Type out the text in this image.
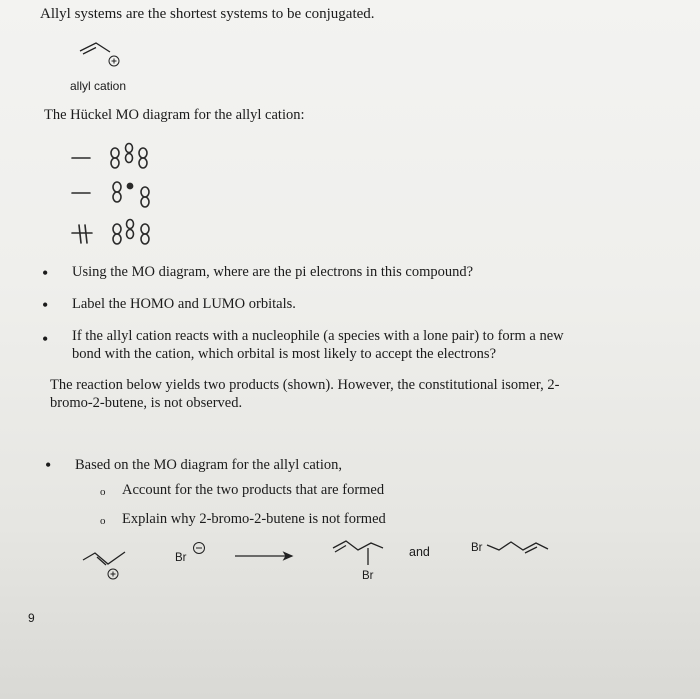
Allyl systems are the shortest systems to be conjugated.
allyl cation
The Hückel MO diagram for the allyl cation:
• Using the MO diagram, where are the pi electrons in this compound?
• Label the HOMO and LUMO orbitals.
• If the allyl cation reacts with a nucleophile (a species with a lone pair) to form a new
bond with the cation, which orbital is most likely to accept the electrons?
The reaction below yields two products (shown). However, the constitutional isomer, 2-
bromo-2-butene, is not observed.
• Based on the MO diagram for the allyl cation,
o Account for the two products that are formed
o Explain why 2-bromo-2-butene is not formed
Br
Br
and	Br
9
